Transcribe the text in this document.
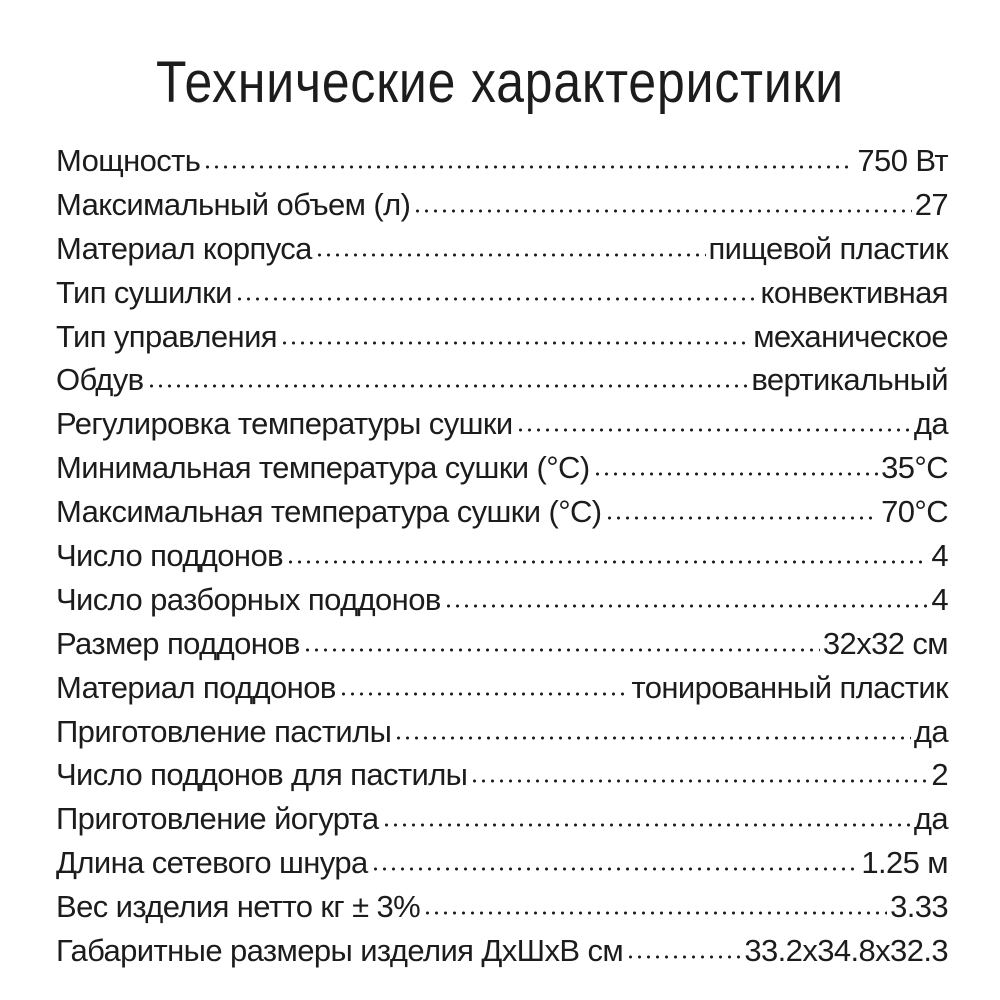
Технические характеристики
Мощность	750 Вт
Максимальный объем (л)	27
Материал корпуса	пищевой пластик
Тип сушилки	конвективная
Тип управления	механическое
Обдув	вертикальный
Регулировка температуры сушки	да
Минимальная температура сушки (°С)	35°С
Максимальная температура сушки (°С)	70°С
Число поддонов	4
Число разборных поддонов	4
Размер поддонов	32x32 см
Материал поддонов	тонированный пластик
Приготовление пастилы	да
Число поддонов для пастилы	2
Приготовление йогурта	да
Длина сетевого шнура	1.25 м
Вес изделия нетто кг ± 3%	3.33
Габаритные размеры изделия ДхШхВ см	33.2x34.8x32.3
